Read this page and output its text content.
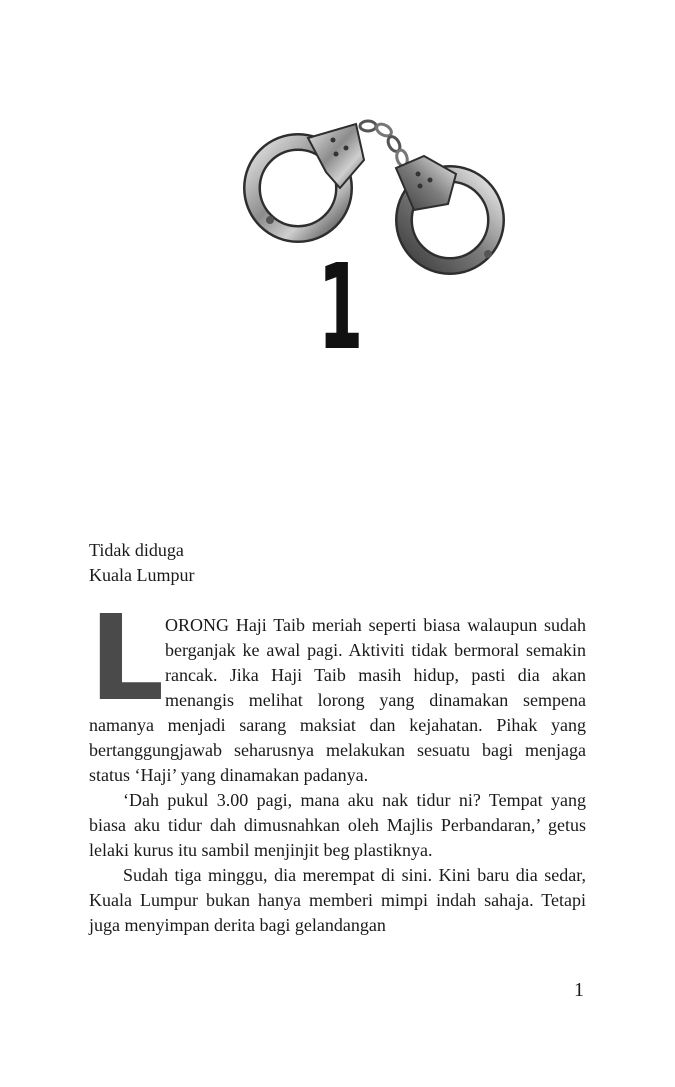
1
Tidak diduga
Kuala Lumpur

L ORONG Haji Taib meriah seperti biasa walaupun sudah berganjak ke awal pagi. Aktiviti tidak bermoral semakin rancak. Jika Haji Taib masih hidup, pasti dia akan menangis melihat lorong yang dinamakan sempena namanya menjadi sarang maksiat dan kejahatan. Pihak yang bertanggungjawab seharusnya melakukan sesuatu bagi menjaga status ‘Haji’ yang dinamakan padanya.

‘Dah pukul 3.00 pagi, mana aku nak tidur ni? Tempat yang biasa aku tidur dah dimusnahkan oleh Majlis Perbandaran,’ getus lelaki kurus itu sambil menjinjit beg plastiknya.

Sudah tiga minggu, dia merempat di sini. Kini baru dia sedar, Kuala Lumpur bukan hanya memberi mimpi indah sahaja. Tetapi juga menyimpan derita bagi gelandangan

1
